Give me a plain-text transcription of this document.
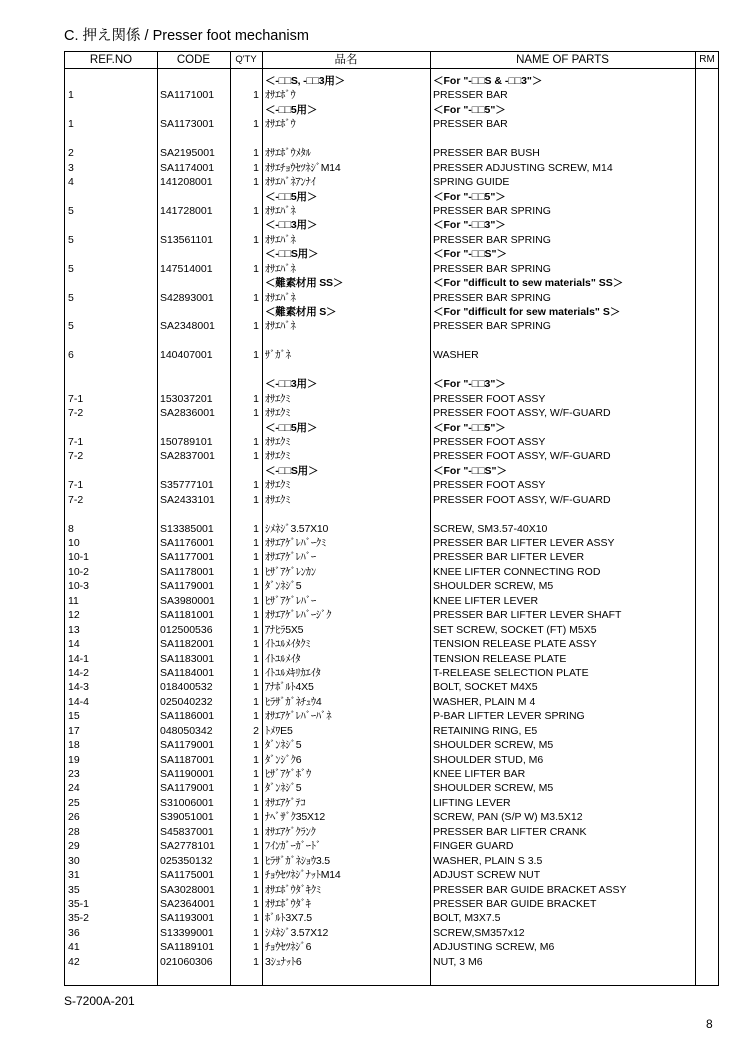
C. 押え関係 / Presser foot mechanism
REF.NO	CODE	Q'TY	品名	NAME OF PARTS	RM
＜-□□S, -□□3用＞	＜For "-□□S & -□□3"＞
1	SA1171001	1 ｵｻｴﾎﾞｳ	PRESSER BAR
＜-□□5用＞	＜For "-□□5"＞
1	SA1173001	1 ｵｻｴﾎﾞｳ	PRESSER BAR
2	SA2195001	1 ｵｻｴﾎﾞｳﾒﾀﾙ	PRESSER BAR BUSH
3	SA1174001	1 ｵｻｴﾁｮｳｾﾂﾈｼﾞM14	PRESSER ADJUSTING SCREW, M14
4	141208001	1 ｵｻｴﾊﾞﾈｱﾝﾅｲ	SPRING GUIDE
＜-□□5用＞	＜For "-□□5"＞
5	141728001	1 ｵｻｴﾊﾞﾈ	PRESSER BAR SPRING
＜-□□3用＞	＜For "-□□3"＞
5	S13561101	1 ｵｻｴﾊﾞﾈ	PRESSER BAR SPRING
＜-□□S用＞	＜For "-□□S"＞
5	147514001	1 ｵｻｴﾊﾞﾈ	PRESSER BAR SPRING
＜難素材用 SS＞	＜For "difficult to sew materials" SS＞
5	S42893001	1 ｵｻｴﾊﾞﾈ	PRESSER BAR SPRING
＜難素材用 S＞	＜For "difficult for sew materials" S＞
5	SA2348001	1 ｵｻｴﾊﾞﾈ	PRESSER BAR SPRING
6	140407001	1 ｻﾞｶﾞﾈ	WASHER
＜-□□3用＞	＜For "-□□3"＞
7-1	153037201	1 ｵｻｴｸﾐ	PRESSER FOOT ASSY
7-2	SA2836001	1 ｵｻｴｸﾐ	PRESSER FOOT ASSY, W/F-GUARD
＜-□□5用＞	＜For "-□□5"＞
7-1	150789101	1 ｵｻｴｸﾐ	PRESSER FOOT ASSY
7-2	SA2837001	1 ｵｻｴｸﾐ	PRESSER FOOT ASSY, W/F-GUARD
＜-□□S用＞	＜For "-□□S"＞
7-1	S35777101	1 ｵｻｴｸﾐ	PRESSER FOOT ASSY
7-2	SA2433101	1 ｵｻｴｸﾐ	PRESSER FOOT ASSY, W/F-GUARD
8	S13385001	1 ｼﾒﾈｼﾞ3.57X10	SCREW, SM3.57-40X10
10	SA1176001	1 ｵｻｴｱｹﾞﾚﾊﾞｰｸﾐ	PRESSER BAR LIFTER LEVER ASSY
10-1	SA1177001	1 ｵｻｴｱｹﾞﾚﾊﾞｰ	PRESSER BAR LIFTER LEVER
10-2	SA1178001	1 ﾋｻﾞｱｹﾞﾚﾝｶﾝ	KNEE LIFTER CONNECTING ROD
10-3	SA1179001	1 ﾀﾞﾝﾈｼﾞ5	SHOULDER SCREW, M5
11	SA3980001	1 ﾋｻﾞｱｹﾞﾚﾊﾞｰ	KNEE LIFTER LEVER
12	SA1181001	1 ｵｻｴｱｹﾞﾚﾊﾞｰｼﾞｸ	PRESSER BAR LIFTER LEVER SHAFT
13	012500536	1 ｱﾅﾋﾗ5X5	SET SCREW, SOCKET (FT) M5X5
14	SA1182001	1 ｲﾄﾕﾙﾒｲﾀｸﾐ	TENSION RELEASE PLATE ASSY
14-1	SA1183001	1 ｲﾄﾕﾙﾒｲﾀ	TENSION RELEASE PLATE
14-2	SA1184001	1 ｲﾄﾕﾙﾒｷﾘｶｴｲﾀ	T-RELEASE SELECTION PLATE
14-3	018400532	1 ｱﾅﾎﾞﾙﾄ4X5	BOLT, SOCKET M4X5
14-4	025040232	1 ﾋﾗｻﾞｶﾞﾈﾁｭｳ4	WASHER, PLAIN M 4
15	SA1186001	1 ｵｻｴｱｹﾞﾚﾊﾞｰﾊﾞﾈ	P-BAR LIFTER LEVER SPRING
17	048050342	2 ﾄﾒﾜE5	RETAINING RING, E5
18	SA1179001	1 ﾀﾞﾝﾈｼﾞ5	SHOULDER SCREW, M5
19	SA1187001	1 ﾀﾞﾝｼﾞｸ6	SHOULDER STUD, M6
23	SA1190001	1 ﾋｻﾞｱｹﾞﾎﾞｳ	KNEE LIFTER BAR
24	SA1179001	1 ﾀﾞﾝﾈｼﾞ5	SHOULDER SCREW, M5
25	S31006001	1 ｵｻｴｱｹﾞﾃｺ	LIFTING LEVER
26	S39051001	1 ﾅﾍﾞｻﾞｸ35X12	SCREW, PAN (S/P W) M3.5X12
28	S45837001	1 ｵｻｴｱｹﾞｸﾗﾝｸ	PRESSER BAR LIFTER CRANK
29	SA2778101	1 ﾌｲﾝｶﾞｰｶﾞｰﾄﾞ	FINGER GUARD
30	025350132	1 ﾋﾗｻﾞｶﾞﾈｼｮｳ3.5	WASHER, PLAIN S 3.5
31	SA1175001	1 ﾁｮｳｾﾂﾈｼﾞﾅｯﾄM14	ADJUST SCREW NUT
35	SA3028001	1 ｵｻｴﾎﾞｳﾀﾞｷｸﾐ	PRESSER BAR GUIDE BRACKET ASSY
35-1	SA2364001	1 ｵｻｴﾎﾞｳﾀﾞｷ	PRESSER BAR GUIDE BRACKET
35-2	SA1193001	1 ﾎﾞﾙﾄ3X7.5	BOLT, M3X7.5
36	S13399001	1 ｼﾒﾈｼﾞ3.57X12	SCREW,SM357x12
41	SA1189101	1 ﾁｮｳｾﾂﾈｼﾞ6	ADJUSTING SCREW, M6
42	021060306	1 3ｼｭﾅｯﾄ6	NUT, 3 M6
S-7200A-201
8
